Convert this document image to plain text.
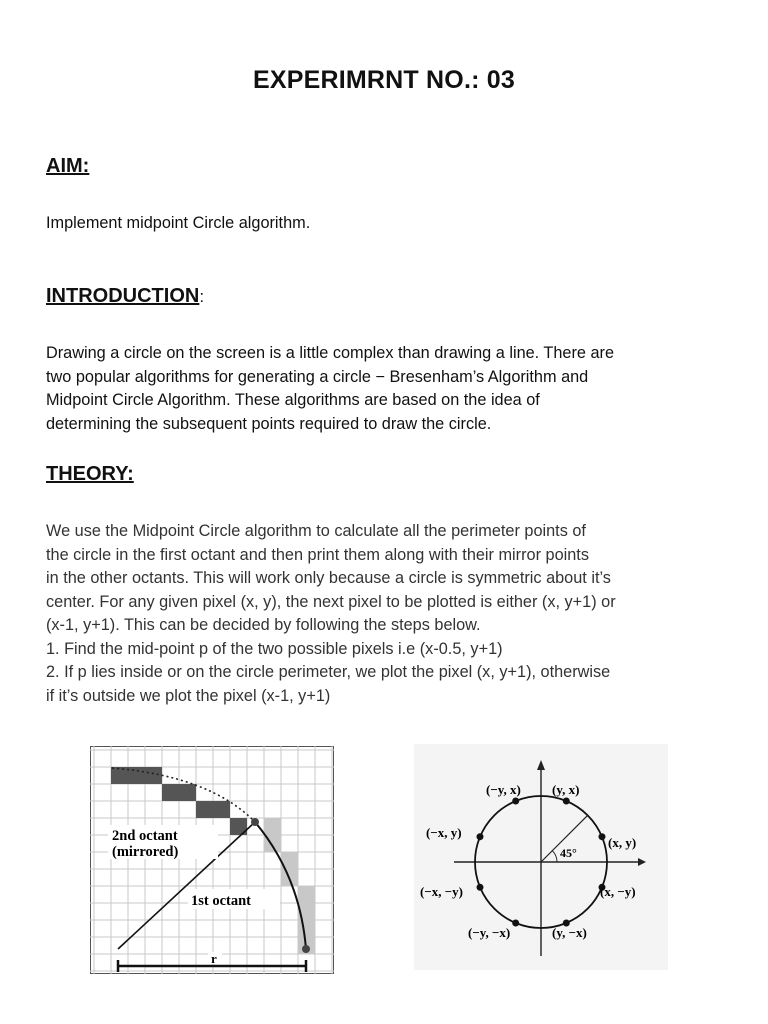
EXPERIMRNT NO.: 03
AIM:
Implement midpoint Circle algorithm.
INTRODUCTION:
Drawing a circle on the screen is a little complex than drawing a line. There are
two popular algorithms for generating a circle − Bresenham’s Algorithm and
Midpoint Circle Algorithm. These algorithms are based on the idea of
determining the subsequent points required to draw the circle.
THEORY:
We use the Midpoint Circle algorithm to calculate all the perimeter points of
the circle in the first octant and then print them along with their mirror points
in the other octants. This will work only because a circle is symmetric about it’s
center. For any given pixel (x, y), the next pixel to be plotted is either (x, y+1) or
(x-1, y+1). This can be decided by following the steps below.
1. Find the mid-point p of the two possible pixels i.e (x-0.5, y+1)
2. If p lies inside or on the circle perimeter, we plot the pixel (x, y+1), otherwise
if it’s outside we plot the pixel (x-1, y+1)
2nd octant
(mirrored)
1st octant
r
45°
(−y, x) (y, x)
(−x, y)
(x, y)
(−x, −y)	(x, −y)
(−y, −x)	(y, −x)
